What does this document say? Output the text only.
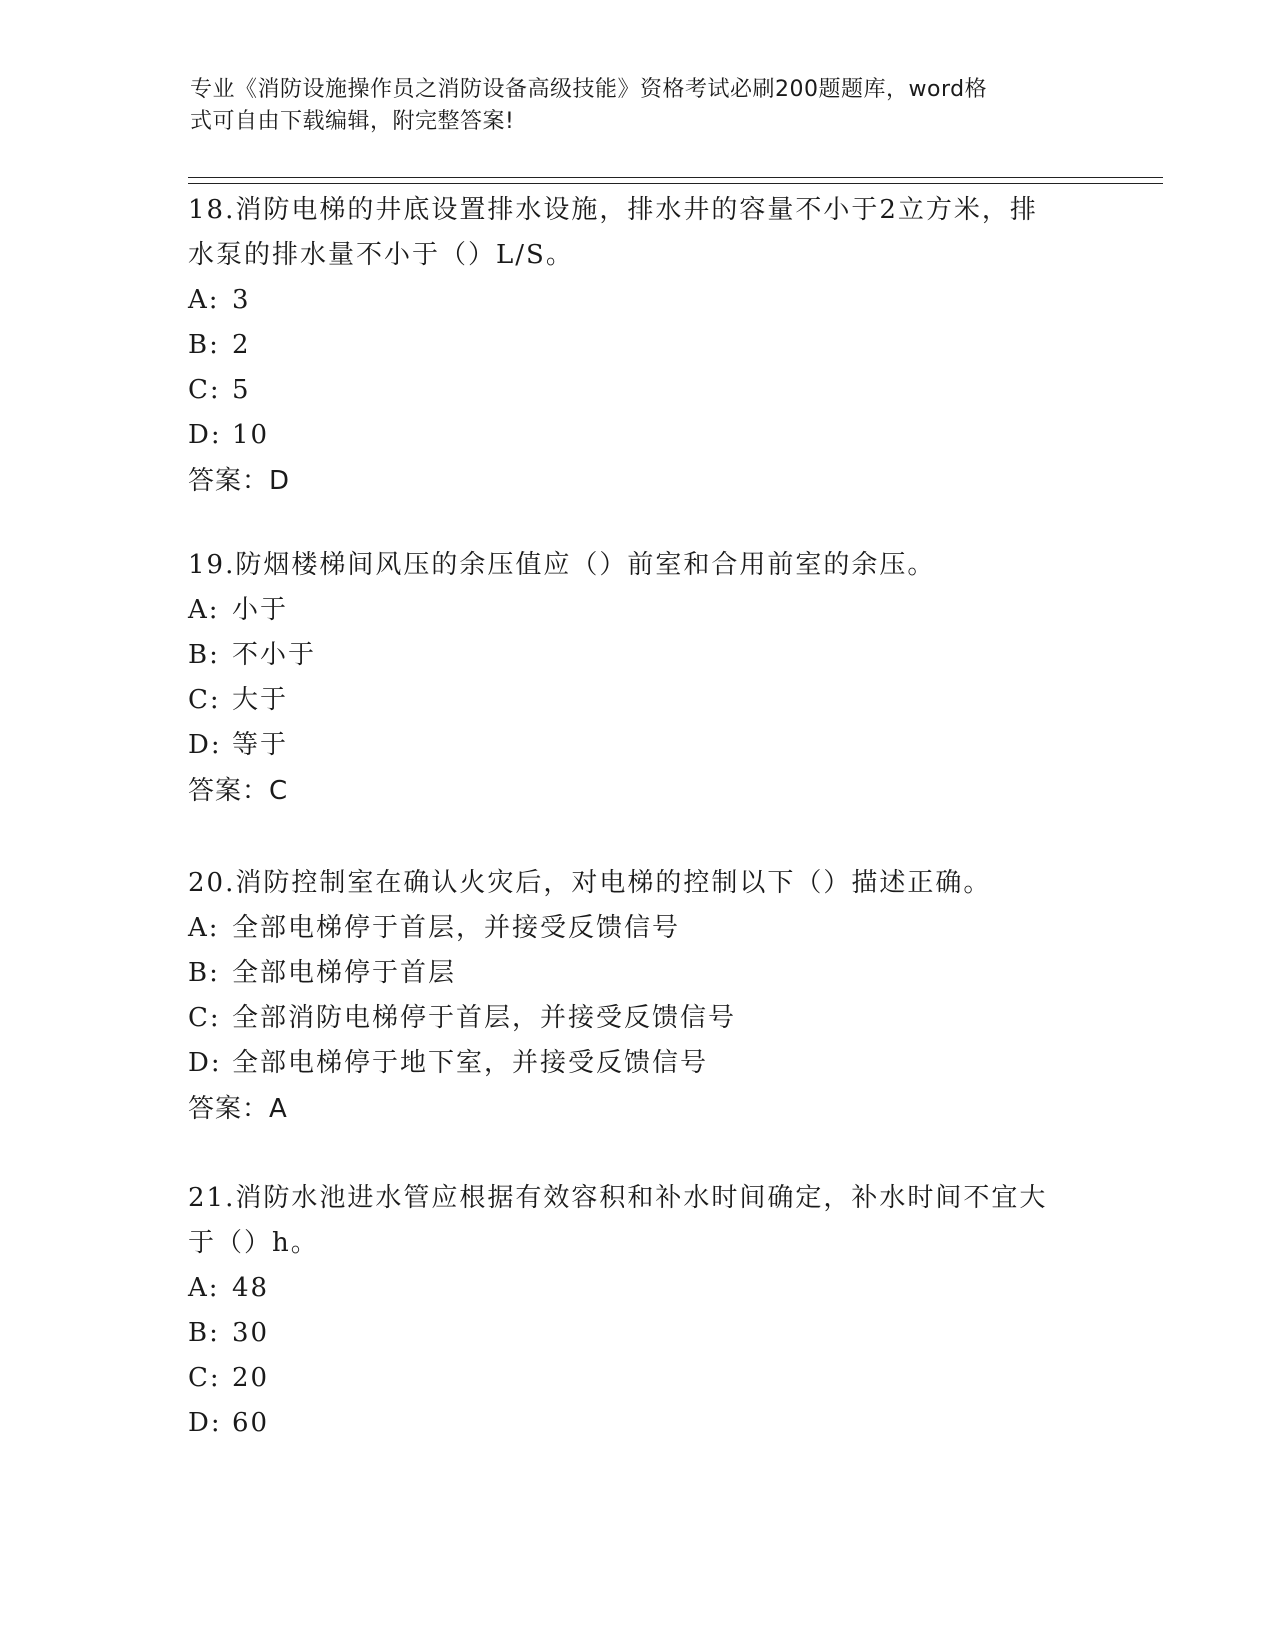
专业《消防设施操作员之消防设备高级技能》资格考试必刷200题题库，word格
式可自由下载编辑，附完整答案!
18.消防电梯的井底设置排水设施，排水井的容量不小于2立方米，排
水泵的排水量不小于（）L/S。
A: 3
B: 2
C: 5
D: 10
答案：D
19.防烟楼梯间风压的余压值应（）前室和合用前室的余压。
A: 小于
B: 不小于
C: 大于
D: 等于
答案：C
20.消防控制室在确认火灾后，对电梯的控制以下（）描述正确。
A: 全部电梯停于首层，并接受反馈信号
B: 全部电梯停于首层
C: 全部消防电梯停于首层，并接受反馈信号
D: 全部电梯停于地下室，并接受反馈信号
答案：A
21.消防水池进水管应根据有效容积和补水时间确定，补水时间不宜大
于（）h。
A: 48
B: 30
C: 20
D: 60
